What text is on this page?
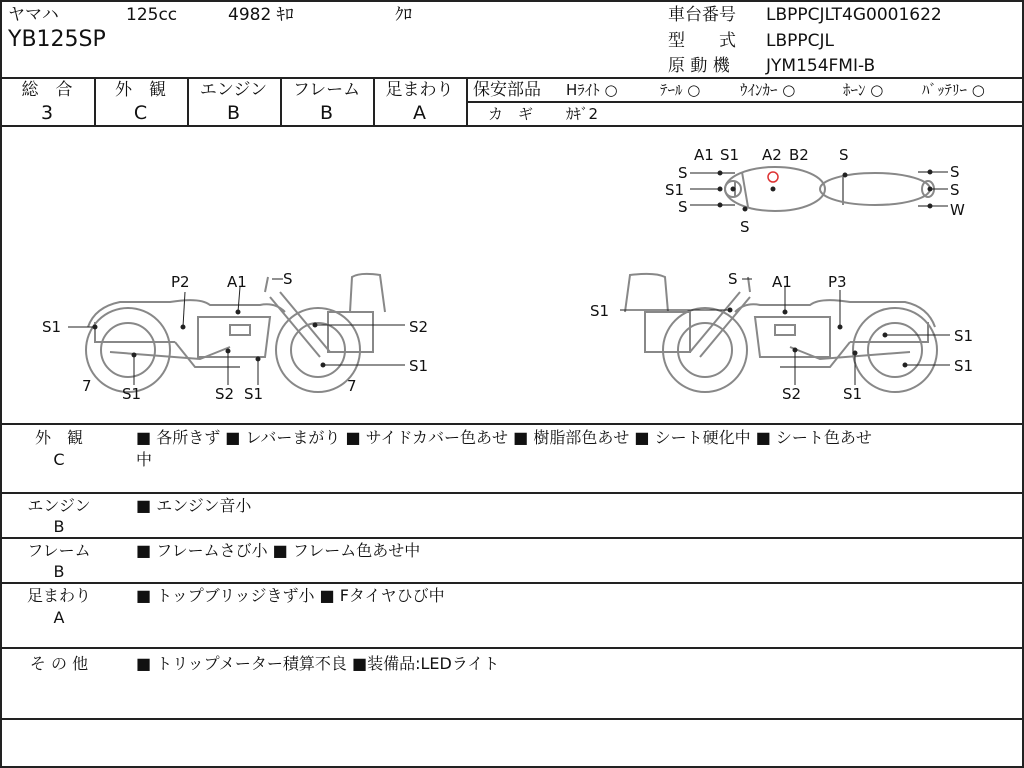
ヤマハ	125cc	4982 ｷﾛ	ｸﾛ
YB125SP
車台番号 LBPPCJLT4G0001622
型　　式 LBPPCJL
原 動 機 JYM154FMI-B
総　合	外　観	エンジン	フレーム	足まわり
3	C	B	B	A
保安部品 Hﾗｲﾄ ○	ﾃｰﾙ ○	ｳｲﾝｶｰ ○	ﾎｰﾝ ○	ﾊﾞｯﾃﾘｰ ○
カ　ギ ｶｷﾞ2
P2 A1 S
S1	S2
S1
7 S1	S2 S1	7
S A1 P3
S1
S1
S1
S2	S1
A1 S1 A2 B2 S
S
S1
S
S
S
S
W
外　観
C
■ 各所きず ■ レバーまがり ■ サイドカバー色あせ ■ 樹脂部色あせ ■ シート硬化中 ■ シート色あせ
中
エンジン
B
■ エンジン音小
フレーム
B
■ フレームさび小 ■ フレーム色あせ中
足まわり
A
■ トップブリッジきず小 ■ Fタイヤひび中
そ の 他	■ トリップメーター積算不良 ■装備品:LEDライト
